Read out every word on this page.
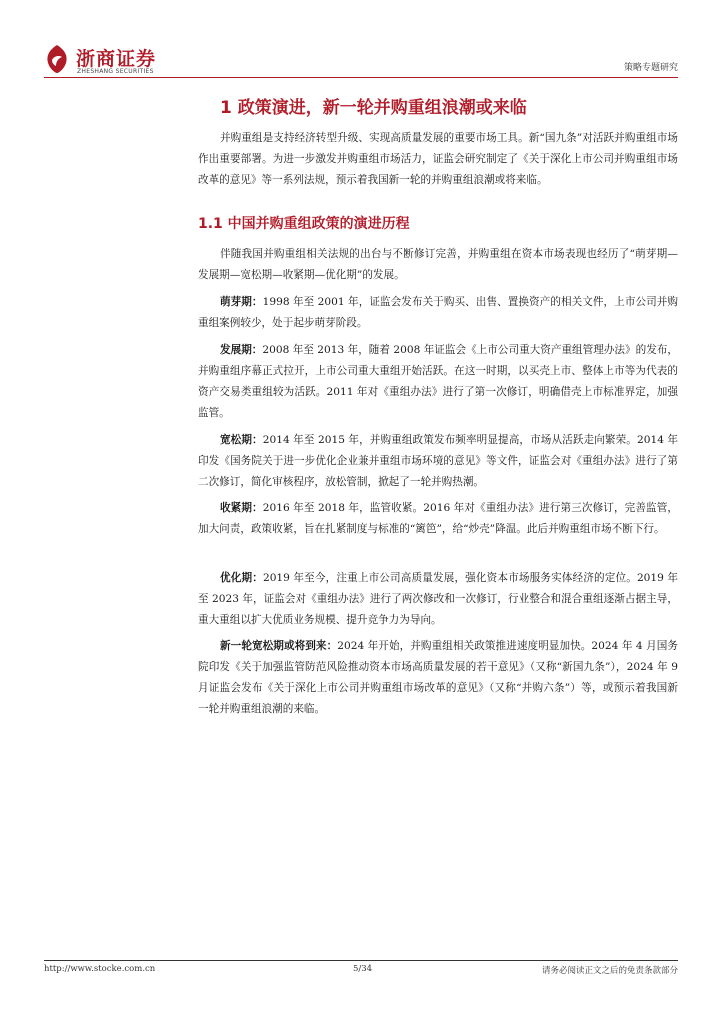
浙商证券
ZHESHANG SECURITIES	策略专题研究
1 政策演进，新一轮并购重组浪潮或来临
并购重组是支持经济转型升级、实现高质量发展的重要市场工具。新“国九条”对活跃并购重组市场作出重要部署。为进一步激发并购重组市场活力，证监会研究制定了《关于深化上市公司并购重组市场改革的意见》等一系列法规，预示着我国新一轮的并购重组浪潮或将来临。
1.1 中国并购重组政策的演进历程
伴随我国并购重组相关法规的出台与不断修订完善，并购重组在资本市场表现也经历了“萌芽期—发展期—宽松期—收紧期—优化期”的发展。
萌芽期：1998 年至 2001 年，证监会发布关于购买、出售、置换资产的相关文件，上市公司并购重组案例较少，处于起步萌芽阶段。
发展期：2008 年至 2013 年，随着 2008 年证监会《上市公司重大资产重组管理办法》的发布，并购重组序幕正式拉开，上市公司重大重组开始活跃。在这一时期，以买壳上市、整体上市等为代表的资产交易类重组较为活跃。2011 年对《重组办法》进行了第一次修订，明确借壳上市标准界定，加强监管。
宽松期：2014 年至 2015 年，并购重组政策发布频率明显提高，市场从活跃走向繁荣。2014 年印发《国务院关于进一步优化企业兼并重组市场环境的意见》等文件，证监会对《重组办法》进行了第二次修订，简化审核程序，放松管制，掀起了一轮并购热潮。
收紧期：2016 年至 2018 年，监管收紧。2016 年对《重组办法》进行第三次修订，完善监管，加大问责，政策收紧，旨在扎紧制度与标准的“篱笆”，给“炒壳”降温。此后并购重组市场不断下行。
优化期：2019 年至今，注重上市公司高质量发展，强化资本市场服务实体经济的定位。2019 年至 2023 年，证监会对《重组办法》进行了两次修改和一次修订，行业整合和混合重组逐渐占据主导，重大重组以扩大优质业务规模、提升竞争力为导向。
新一轮宽松期或将到来：2024 年开始，并购重组相关政策推进速度明显加快。2024 年 4 月国务院印发《关于加强监管防范风险推动资本市场高质量发展的若干意见》（又称“新国九条”），2024 年 9 月证监会发布《关于深化上市公司并购重组市场改革的意见》（又称“并购六条”）等，或预示着我国新一轮并购重组浪潮的来临。
http://www.stocke.com.cn	5/34	请务必阅读正文之后的免责条款部分
